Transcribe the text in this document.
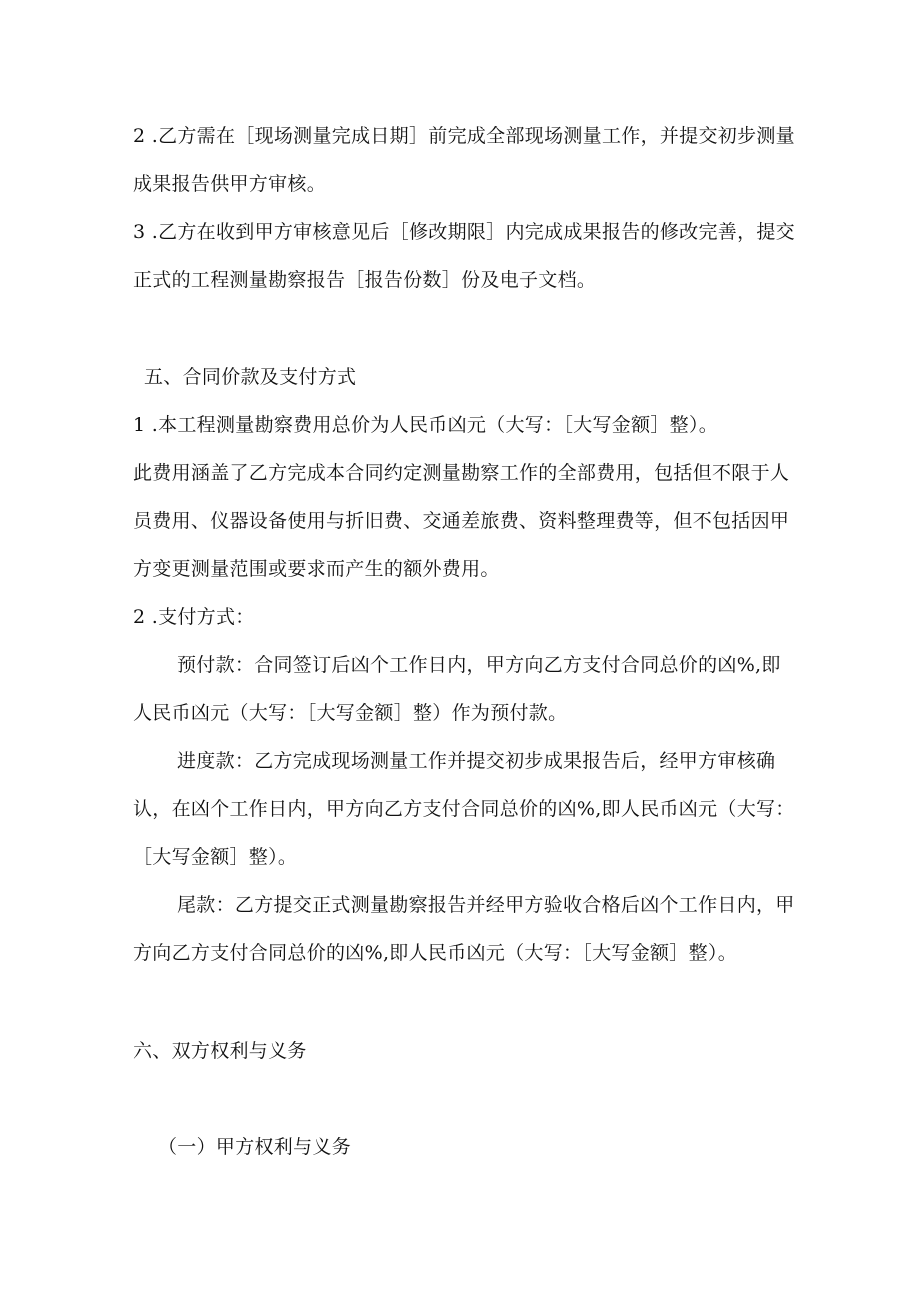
2 .乙方需在［现场测量完成日期］前完成全部现场测量工作，并提交初步测量
成果报告供甲方审核。
3 .乙方在收到甲方审核意见后［修改期限］内完成成果报告的修改完善，提交
正式的工程测量勘察报告［报告份数］份及电子文档。
五、合同价款及支付方式
1 .本工程测量勘察费用总价为人民币凶元（大写：［大写金额］整）。
此费用涵盖了乙方完成本合同约定测量勘察工作的全部费用，包括但不限于人
员费用、仪器设备使用与折旧费、交通差旅费、资料整理费等，但不包括因甲
方变更测量范围或要求而产生的额外费用。
2 .支付方式：
预付款：合同签订后凶个工作日内，甲方向乙方支付合同总价的凶%,即
人民币凶元（大写：［大写金额］整）作为预付款。
进度款：乙方完成现场测量工作并提交初步成果报告后，经甲方审核确
认，在凶个工作日内，甲方向乙方支付合同总价的凶%,即人民币凶元（大写：
［大写金额］整）。
尾款：乙方提交正式测量勘察报告并经甲方验收合格后凶个工作日内，甲
方向乙方支付合同总价的凶%,即人民币凶元（大写：［大写金额］整）。
六、双方权利与义务
（一）甲方权利与义务
